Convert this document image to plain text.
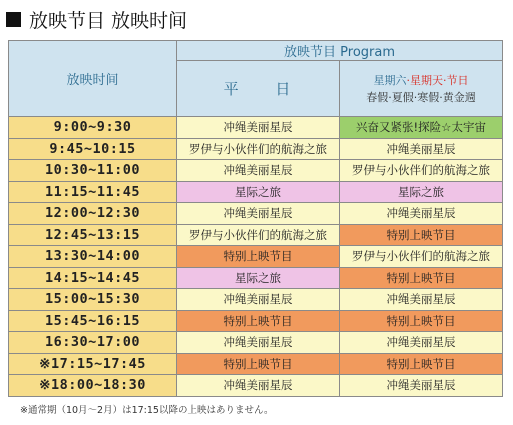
放映节目 放映时间
放映时间	放映节目 Program	
	平 日	星期六·星期天·节日
春假·夏假·寒假·黄金週

9:00~9:30	冲绳美丽星辰	兴奋又紧张!探险☆太宇宙
9:45~10:15	罗伊与小伙伴们的航海之旅	冲绳美丽星辰
10:30~11:00	冲绳美丽星辰	罗伊与小伙伴们的航海之旅
11:15~11:45	星际之旅	星际之旅
12:00~12:30	冲绳美丽星辰	冲绳美丽星辰
12:45~13:15	罗伊与小伙伴们的航海之旅	特别上映节目
13:30~14:00	特别上映节目	罗伊与小伙伴们的航海之旅
14:15~14:45	星际之旅	特别上映节目
15:00~15:30	冲绳美丽星辰	冲绳美丽星辰
15:45~16:15	特别上映节目	特别上映节目
16:30~17:00	冲绳美丽星辰	冲绳美丽星辰
※17:15~17:45	特别上映节目	特别上映节目
※18:00~18:30	冲绳美丽星辰	冲绳美丽星辰
※通常期（10月～2月）は17:15以降の上映はありません。
